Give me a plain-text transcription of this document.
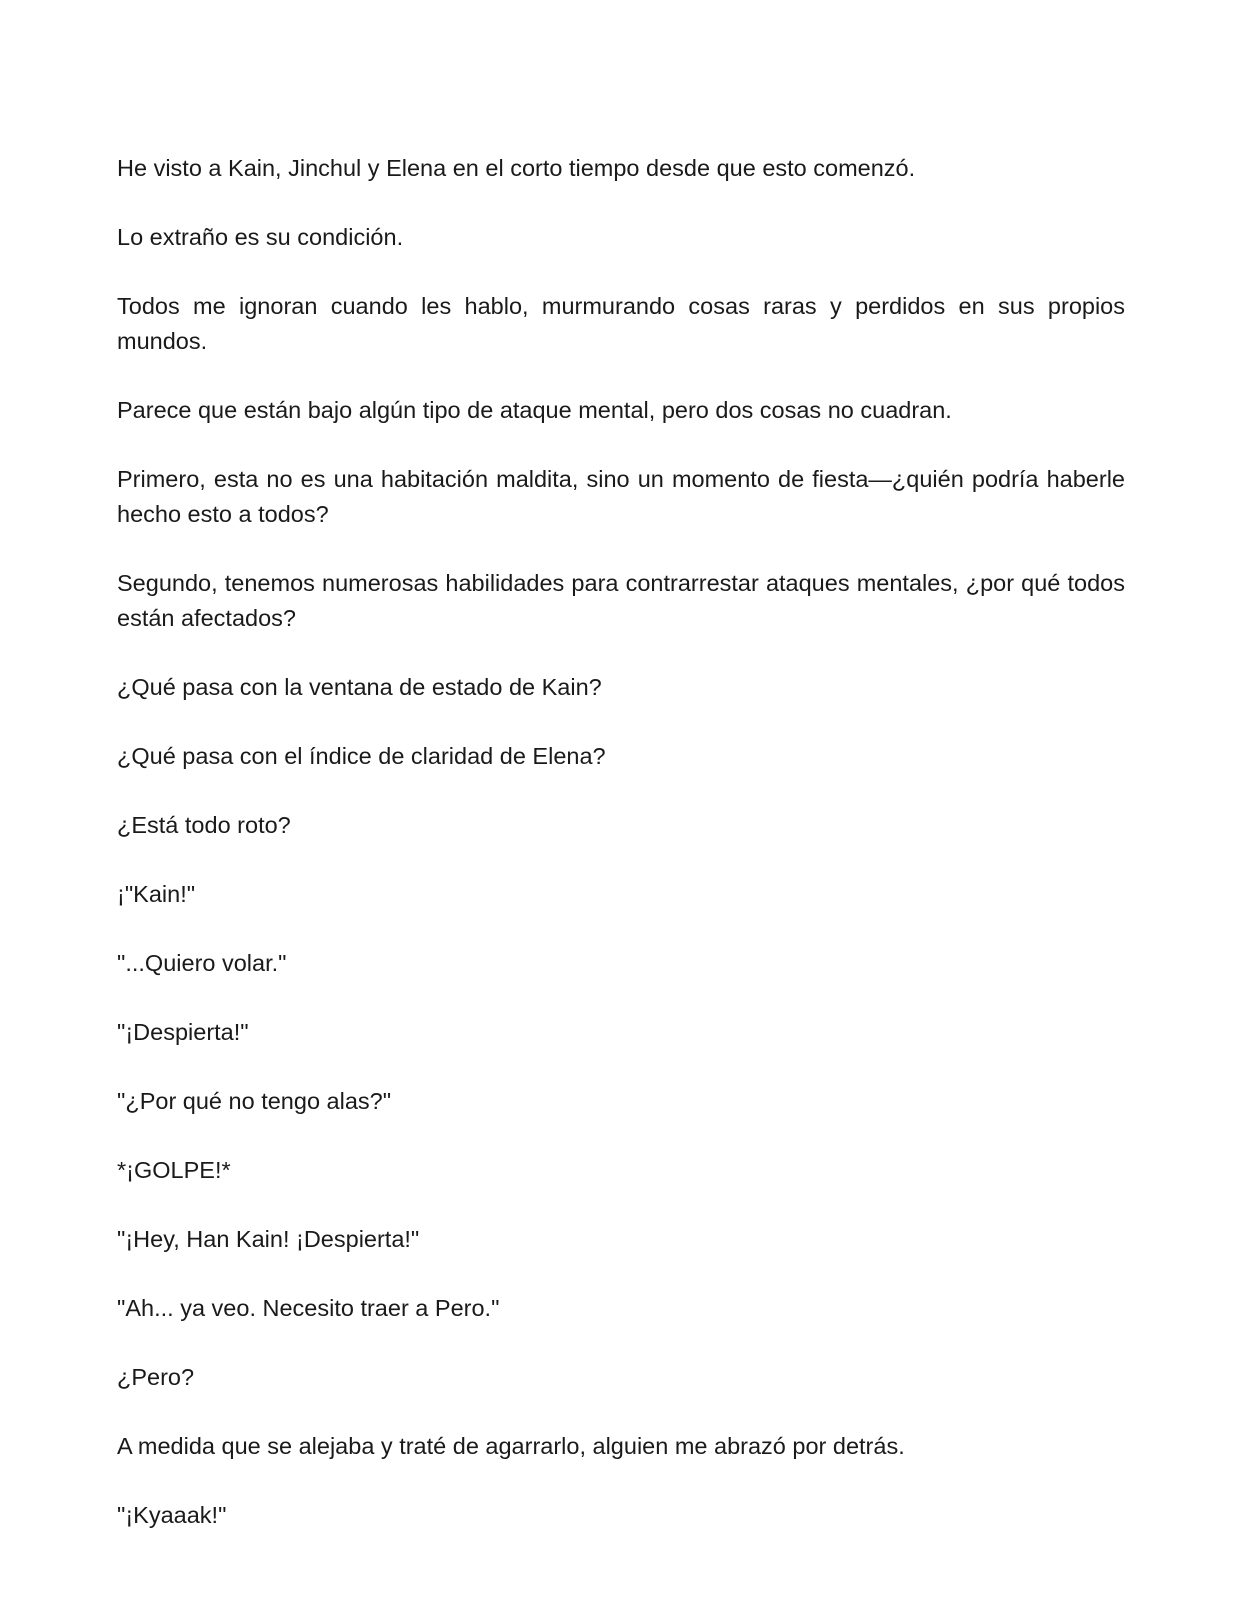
He visto a Kain, Jinchul y Elena en el corto tiempo desde que esto comenzó.

Lo extraño es su condición.

Todos me ignoran cuando les hablo, murmurando cosas raras y perdidos en sus propios mundos.

Parece que están bajo algún tipo de ataque mental, pero dos cosas no cuadran.

Primero, esta no es una habitación maldita, sino un momento de fiesta—¿quién podría haberle hecho esto a todos?

Segundo, tenemos numerosas habilidades para contrarrestar ataques mentales, ¿por qué todos están afectados?

¿Qué pasa con la ventana de estado de Kain?

¿Qué pasa con el índice de claridad de Elena?

¿Está todo roto?

¡"Kain!"

"...Quiero volar."

"¡Despierta!"

"¿Por qué no tengo alas?"

*¡GOLPE!*

"¡Hey, Han Kain! ¡Despierta!"

"Ah... ya veo. Necesito traer a Pero."

¿Pero?

A medida que se alejaba y traté de agarrarlo, alguien me abrazó por detrás.

"¡Kyaaak!"
